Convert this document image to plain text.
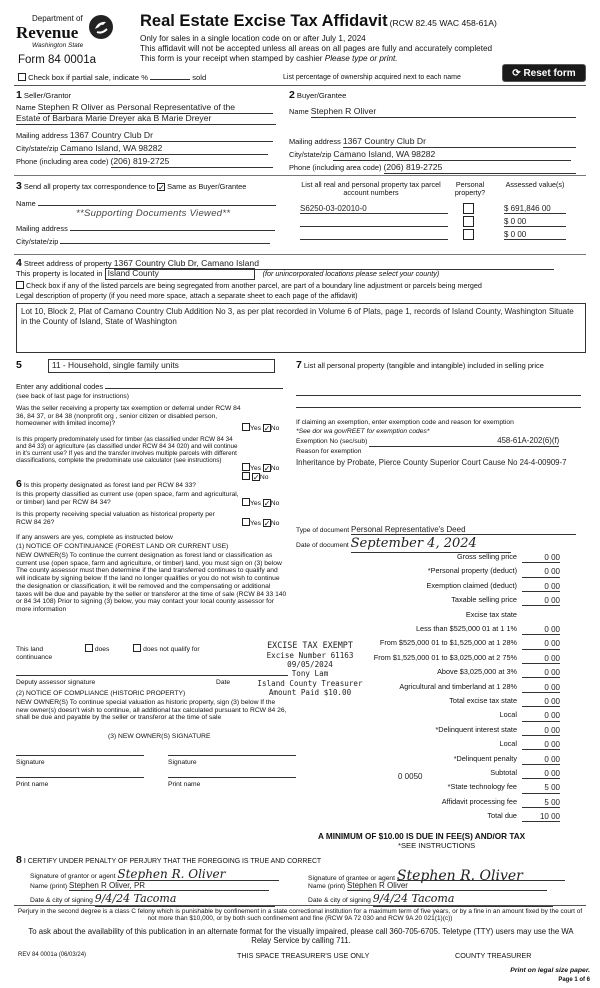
Department of
Revenue
Washington State
Form 84 0001a
Real Estate Excise Tax Affidavit (RCW 82.45 WAC 458-61A)
Only for sales in a single location code on or after July 1, 2024
This affidavit will not be accepted unless all areas on all pages are fully and accurately completed
This form is your receipt when stamped by cashier Please type or print.
Check box if partial sale, indicate %	sold	List percentage of ownership acquired next to each name	⟳ Reset form
1 Seller/Grantor
Name Stephen R Oliver as Personal Representative of the
Estate of Barbara Marie Dreyer aka B Marie Dreyer
Mailing address 1367 Country Club Dr
City/state/zip Camano Island, WA 98282
Phone (including area code) (206) 819-2725
2 Buyer/Grantee
Name Stephen R Oliver
Mailing address 1367 Country Club Dr
City/state/zip Camano Island, WA 98282
Phone (including area code) (206) 819-2725
3 Send all property tax correspondence to ✓ Same as Buyer/Grantee
Name
**Supporting Documents Viewed**
Mailing address
City/state/zip
List all real and personal property tax parcel account numbers
Personal property?
Assessed value(s)
S6250-03-02010-0	$ 691,846 00
$ 0 00
$ 0 00
4 Street address of property 1367 Country Club Dr, Camano Island
This property is located in Island County	(for unincorporated locations please select your county)
Check box if any of the listed parcels are being segregated from another parcel, are part of a boundary line adjustment or parcels being merged
Legal description of property (if you need more space, attach a separate sheet to each page of the affidavit)
Lot 10, Block 2, Plat of Camano Country Club Addition No 3, as per plat recorded in Volume 6 of Plats, page 1, records of Island County, Washington Situate in the County of Island, State of Washington
5	11 - Household, single family units
Enter any additional codes
(see back of last page for instructions)
Was the seller receiving a property tax exemption or deferral under RCW 84 36, 84 37, or 84 38 (nonprofit org , senior citizen or disabled person, homeowner with limited income)?
Yes ✓No
Is this property predominately used for timber (as classified under RCW 84 34 and 84 33) or agriculture (as classified under RCW 84 34 020) and will continue in it's current use? If yes and the transfer involves multiple parcels with different classifications, complete the predominate use calculator (see instructions)
Yes ✓No
6 Is this property designated as forest land per RCW 84 33?
✓No
Is this property classified as current use (open space, farm and agricultural, or timber) land per RCW 84 34?	Yes ✓No
Is this property receiving special valuation as historical property per RCW 84 26?	Yes ✓No
If any answers are yes, complete as instructed below
(1) NOTICE OF CONTINUANCE (FOREST LAND OR CURRENT USE)
NEW OWNER(S) To continue the current designation as forest land or classification as current use (open space, farm and agriculture, or timber) land, you must sign on (3) below The county assessor must then determine if the land transferred continues to qualify and will indicate by signing below If the land no longer qualifies or you do not wish to continue the designation or classification, it will be removed and the compensating or additional taxes will be due and payable by the seller or transferor at the time of sale (RCW 84 33 140 or 84 34 108) Prior to signing (3) below, you may contact your local county assessor for more information
This land	does	does not qualify for
continuance
Deputy assessor signature	Date
(2) NOTICE OF COMPLIANCE (HISTORIC PROPERTY)
NEW OWNER(S) To continue special valuation as historic property, sign (3) below If the new owner(s) doesn't wish to continue, all additional tax calculated pursuant to RCW 84 26, shall be due and payable by the seller or transferor at the time of sale
(3) NEW OWNER(S) SIGNATURE
Signature	Signature
Print name	Print name
EXCISE TAX EXEMPT
Excise Number 61163
09/05/2024
Tony Lam
Island County Treasurer
Amount Paid $10.00
7 List all personal property (tangible and intangible) included in selling price
If claiming an exemption, enter exemption code and reason for exemption
*See dor wa gov/REET for exemption codes*
Exemption No (sec/sub)	458-61A-202(6)(f)
Reason for exemption
Inheritance by Probate, Pierce County Superior Court Cause No 24-4-00909-7
Type of document Personal Representative's Deed
Date of document September 4, 2024
Gross selling price	0 00
*Personal property (deduct)	0 00
Exemption claimed (deduct)	0 00
Taxable selling price	0 00
Excise tax state
Less than $525,000 01 at 1 1%	0 00
From $525,000 01 to $1,525,000 at 1 28%	0 00
From $1,525,000 01 to $3,025,000 at 2 75%	0 00
Above $3,025,000 at 3%	0 00
Agricultural and timberland at 1 28%	0 00
Total excise tax state	0 00
Local	0 00
*Delinquent interest state	0 00
Local	0 00
*Delinquent penalty	0 00
Subtotal	0 00
*State technology fee	5 00
Affidavit processing fee	5 00
Total due	10 00
0 0050
A MINIMUM OF $10.00 IS DUE IN FEE(S) AND/OR TAX
*SEE INSTRUCTIONS
8 I CERTIFY UNDER PENALTY OF PERJURY THAT THE FOREGOING IS TRUE AND CORRECT
Signature of grantor or agent Stephen R. Oliver
Name (print) Stephen R Oliver, PR
Date & city of signing 9/4/24 Tacoma
Signature of grantee or agent Stephen R. Oliver
Name (print) Stephen R Oliver
Date & city of signing 9/4/24 Tacoma
Perjury in the second degree is a class C felony which is punishable by confinement in a state correctional institution for a maximum term of five years, or by a fine in an amount fixed by the court of not more than $10,000, or by both such confinement and fine (RCW 9A 72 030 and RCW 9A 20 021(1)(c))
To ask about the availability of this publication in an alternate format for the visually impaired, please call 360-705-6705. Teletype (TTY) users may use the WA Relay Service by calling 711.
REV 84 0001a (06/03/24)	THIS SPACE TREASURER'S USE ONLY	COUNTY TREASURER
Print on legal size paper.
Page 1 of 6
